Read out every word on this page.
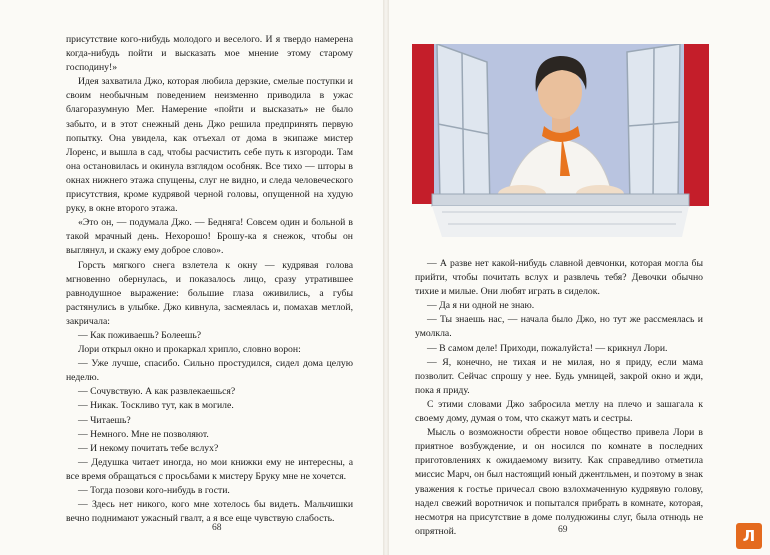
присутствие кого-нибудь молодого и веселого. И я твердо намерена когда-нибудь пойти и высказать мое мнение этому старому господину!»

Идея захватила Джо, которая любила дерзкие, смелые поступки и своим необычным поведением неизменно приводила в ужас благоразумную Мег. Намерение «пойти и высказать» не было забыто, и в этот снежный день Джо решила предпринять первую попытку. Она увидела, как отъехал от дома в экипаже мистер Лоренс, и вышла в сад, чтобы расчистить себе путь к изгороди. Там она остановилась и окинула взглядом особняк. Все тихо — шторы в окнах нижнего этажа спущены, слуг не видно, и следа человеческого присутствия, кроме кудрявой черной головы, опущенной на худую руку, в окне второго этажа.

«Это он, — подумала Джо. — Бедняга! Совсем один и больной в такой мрачный день. Нехорошо! Брошу-ка я снежок, чтобы он выглянул, и скажу ему доброе слово».

Горсть мягкого снега взлетела к окну — кудрявая голова мгновенно обернулась, и показалось лицо, сразу утратившее равнодушное выражение: большие глаза оживились, а губы растянулись в улыбке. Джо кивнула, засмеялась и, помахав метлой, закричала:

— Как поживаешь? Болеешь?

Лори открыл окно и прокаркал хрипло, словно ворон:

— Уже лучше, спасибо. Сильно простудился, сидел дома целую неделю.

— Сочувствую. А как развлекаешься?

— Никак. Тоскливо тут, как в могиле.

— Читаешь?

— Немного. Мне не позволяют.

— И некому почитать тебе вслух?

— Дедушка читает иногда, но мои книжки ему не интересны, а все время обращаться с просьбами к мистеру Бруку мне не хочется.

— Тогда позови кого-нибудь в гости.

— Здесь нет никого, кого мне хотелось бы видеть. Мальчишки вечно поднимают ужасный гвалт, а я все еще чувствую слабость.

68

— А разве нет какой-нибудь славной девчонки, которая могла бы прийти, чтобы почитать вслух и развлечь тебя? Девочки обычно тихие и милые. Они любят играть в сиделок.

— Да я ни одной не знаю.

— Ты знаешь нас, — начала было Джо, но тут же рассмеялась и умолкла.

— В самом деле! Приходи, пожалуйста! — крикнул Лори.

— Я, конечно, не тихая и не милая, но я приду, если мама позволит. Сейчас спрошу у нее. Будь умницей, закрой окно и жди, пока я приду.

С этими словами Джо забросила метлу на плечо и зашагала к своему дому, думая о том, что скажут мать и сестры.

Мысль о возможности обрести новое общество привела Лори в приятное возбуждение, и он носился по комнате в последних приготовлениях к ожидаемому визиту. Как справедливо отметила миссис Марч, он был настоящий юный джентльмен, и поэтому в знак уважения к гостье причесал свою взлохмаченную кудрявую голову, надел свежий воротничок и попытался прибрать в комнате, которая, несмотря на присутствие в доме полудюжины слуг, была отнюдь не опрятной.	69	Л
